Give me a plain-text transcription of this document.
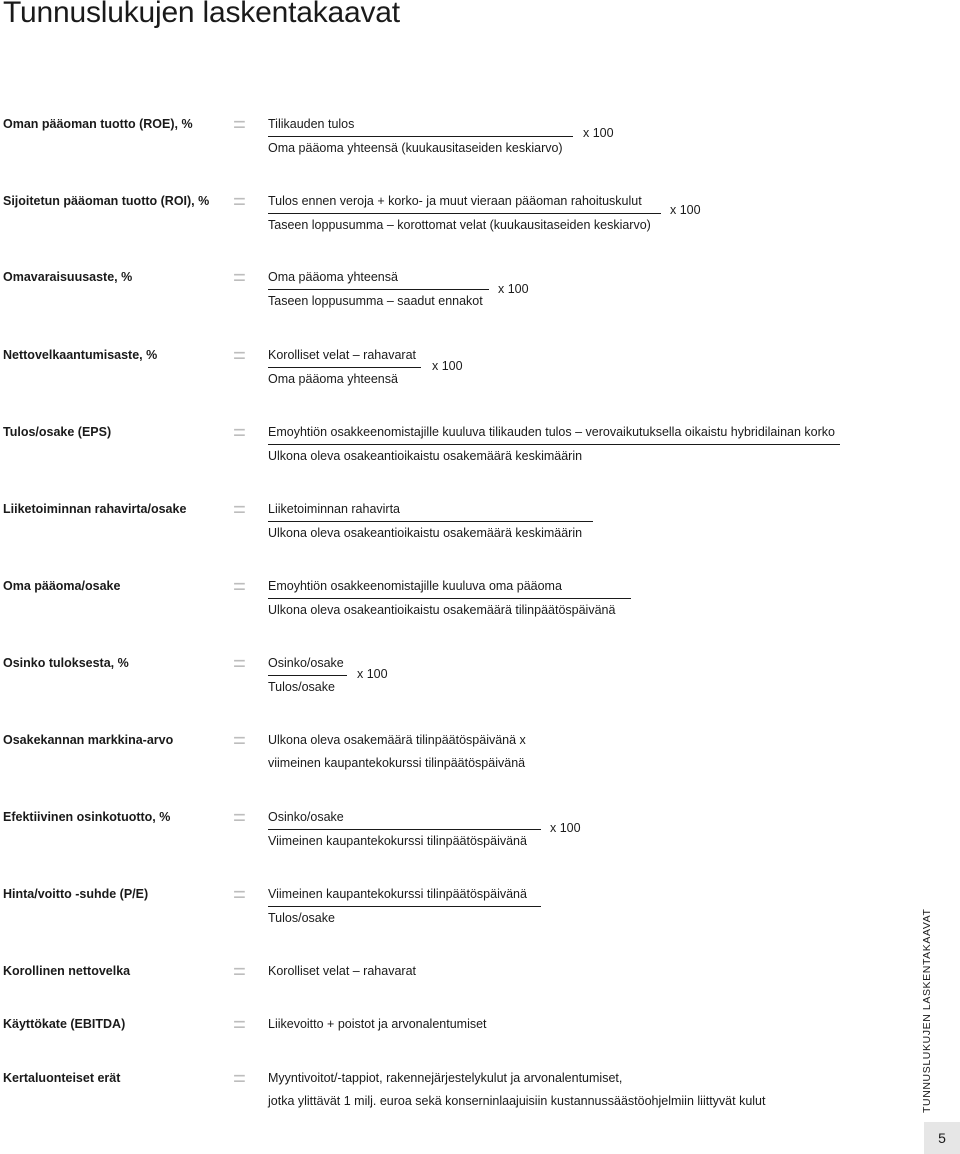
Tunnuslukujen laskentakaavat
Oman pääoman tuotto (ROE), % = Tilikauden tulos
Oma pääoma yhteensä (kuukausitaseiden keskiarvo)
x 100
Sijoitetun pääoman tuotto (ROI), % = Tulos ennen veroja + korko- ja muut vieraan pääoman rahoituskulut
Taseen loppusumma – korottomat velat (kuukausitaseiden keskiarvo)
x 100
Omavaraisuusaste, %	= Oma pääoma yhteensä
Taseen loppusumma – saadut ennakot
x 100
Nettovelkaantumisaste, %	= Korolliset velat – rahavarat
Oma pääoma yhteensä
x 100
Tulos/osake (EPS)	= Emoyhtiön osakkeenomistajille kuuluva tilikauden tulos – verovaikutuksella oikaistu hybridilainan korko
Ulkona oleva osakeantioikaistu osakemäärä keskimäärin
Liiketoiminnan rahavirta/osake = Liiketoiminnan rahavirta
Ulkona oleva osakeantioikaistu osakemäärä keskimäärin
Oma pääoma/osake	= Emoyhtiön osakkeenomistajille kuuluva oma pääoma
Ulkona oleva osakeantioikaistu osakemäärä tilinpäätöspäivänä
Osinko tuloksesta, %	= Osinko/osake
Tulos/osake
x 100
Osakekannan markkina-arvo	= Ulkona oleva osakemäärä tilinpäätöspäivänä x
viimeinen kaupantekokurssi tilinpäätöspäivänä
Efektiivinen osinkotuotto, %	= Osinko/osake
Viimeinen kaupantekokurssi tilinpäätöspäivänä
x 100
Hinta/voitto -suhde (P/E)	= Viimeinen kaupantekokurssi tilinpäätöspäivänä
Tulos/osake
Korollinen nettovelka	= Korolliset velat – rahavarat
Käyttökate (EBITDA)	= Liikevoitto + poistot ja arvonalentumiset
Kertaluonteiset erät	= Myyntivoitot/-tappiot, rakennejärjestelykulut ja arvonalentumiset,
jotka ylittävät 1 milj. euroa sekä konserninlaajuisiin kustannussäästöohjelmiin liittyvät kulut	TUNNUSLUKUJEN LASKENTAKAAVAT
5
